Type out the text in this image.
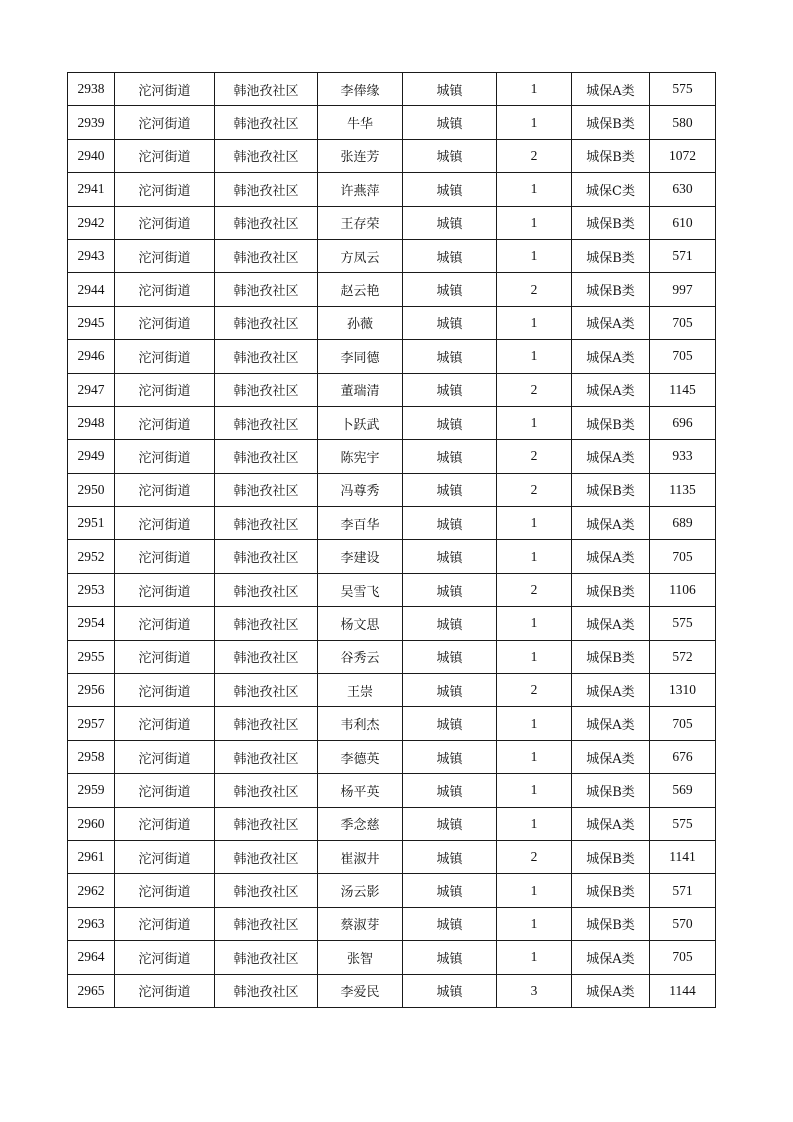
2938	沱河街道	韩池孜社区	李俸缘	城镇	1	城保A类	575
2939	沱河街道	韩池孜社区	牛华	城镇	1	城保B类	580
2940	沱河街道	韩池孜社区	张连芳	城镇	2	城保B类	1072
2941	沱河街道	韩池孜社区	许燕萍	城镇	1	城保C类	630
2942	沱河街道	韩池孜社区	王存荣	城镇	1	城保B类	610
2943	沱河街道	韩池孜社区	方凤云	城镇	1	城保B类	571
2944	沱河街道	韩池孜社区	赵云艳	城镇	2	城保B类	997
2945	沱河街道	韩池孜社区	孙薇	城镇	1	城保A类	705
2946	沱河街道	韩池孜社区	李同德	城镇	1	城保A类	705
2947	沱河街道	韩池孜社区	董瑞清	城镇	2	城保A类	1145
2948	沱河街道	韩池孜社区	卜跃武	城镇	1	城保B类	696
2949	沱河街道	韩池孜社区	陈宪宇	城镇	2	城保A类	933
2950	沱河街道	韩池孜社区	冯尊秀	城镇	2	城保B类	1135
2951	沱河街道	韩池孜社区	李百华	城镇	1	城保A类	689
2952	沱河街道	韩池孜社区	李建设	城镇	1	城保A类	705
2953	沱河街道	韩池孜社区	吴雪飞	城镇	2	城保B类	1106
2954	沱河街道	韩池孜社区	杨文思	城镇	1	城保A类	575
2955	沱河街道	韩池孜社区	谷秀云	城镇	1	城保B类	572
2956	沱河街道	韩池孜社区	王崇	城镇	2	城保A类	1310
2957	沱河街道	韩池孜社区	韦利杰	城镇	1	城保A类	705
2958	沱河街道	韩池孜社区	李德英	城镇	1	城保A类	676
2959	沱河街道	韩池孜社区	杨平英	城镇	1	城保B类	569
2960	沱河街道	韩池孜社区	季念慈	城镇	1	城保A类	575
2961	沱河街道	韩池孜社区	崔淑井	城镇	2	城保B类	1141
2962	沱河街道	韩池孜社区	汤云影	城镇	1	城保B类	571
2963	沱河街道	韩池孜社区	蔡淑芽	城镇	1	城保B类	570
2964	沱河街道	韩池孜社区	张智	城镇	1	城保A类	705
2965	沱河街道	韩池孜社区	李爱民	城镇	3	城保A类	1144
